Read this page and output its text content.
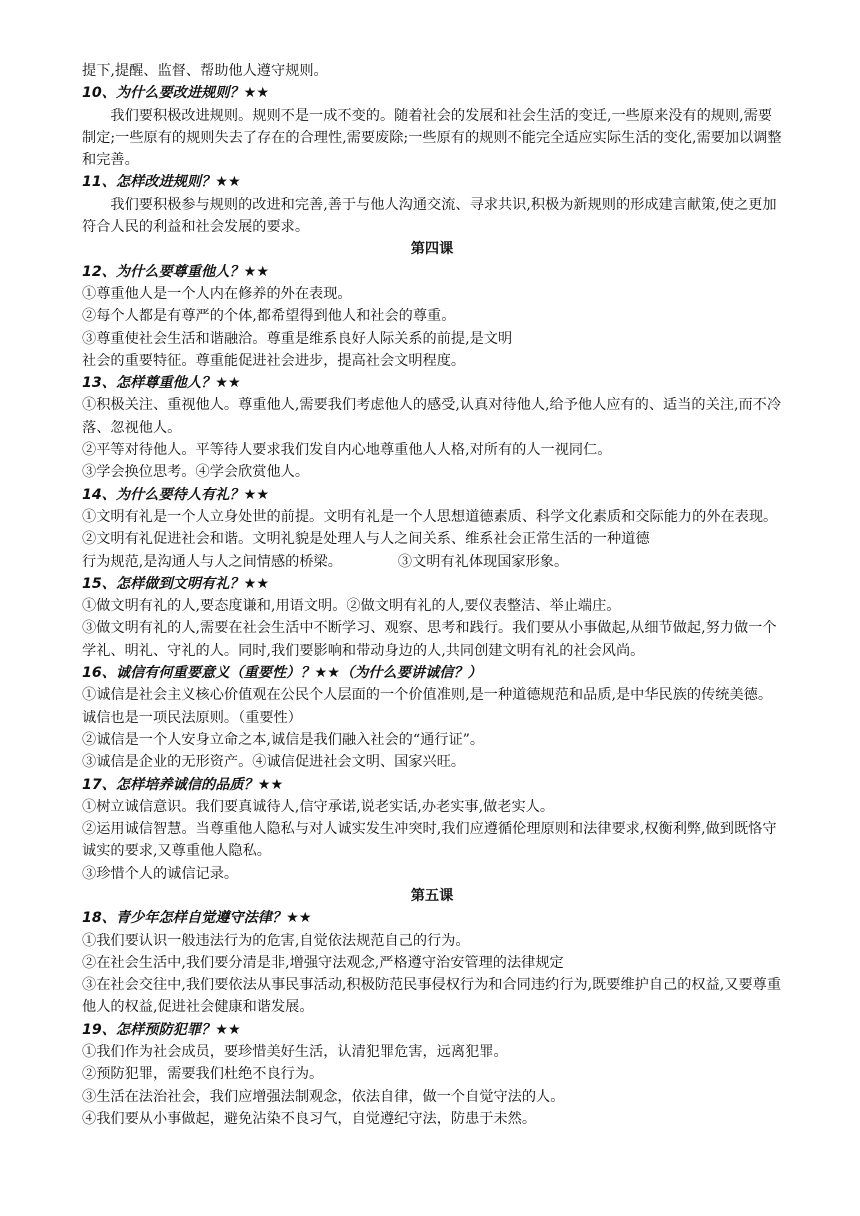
提下,提醒、监督、帮助他人遵守规则。
10、为什么要改进规则？★★
我们要积极改进规则。规则不是一成不变的。随着社会的发展和社会生活的变迁,一些原来没有的规则,需要制定;一些原有的规则失去了存在的合理性,需要废除;一些原有的规则不能完全适应实际生活的变化,需要加以调整和完善。
11、怎样改进规则？★★
我们要积极参与规则的改进和完善,善于与他人沟通交流、寻求共识,积极为新规则的形成建言献策,使之更加符合人民的利益和社会发展的要求。
第四课
12、为什么要尊重他人？★★
①尊重他人是一个人内在修养的外在表现。
②每个人都是有尊严的个体,都希望得到他人和社会的尊重。
③尊重使社会生活和谐融洽。尊重是维系良好人际关系的前提,是文明
社会的重要特征。尊重能促进社会进步，提高社会文明程度。
13、怎样尊重他人？★★
①积极关注、重视他人。尊重他人,需要我们考虑他人的感受,认真对待他人,给予他人应有的、适当的关注,而不冷落、忽视他人。
②平等对待他人。平等待人要求我们发自内心地尊重他人人格,对所有的人一视同仁。
③学会换位思考。④学会欣赏他人。
14、为什么要待人有礼？★★
①文明有礼是一个人立身处世的前提。文明有礼是一个人思想道德素质、科学文化素质和交际能力的外在表现。
②文明有礼促进社会和谐。文明礼貌是处理人与人之间关系、维系社会正常生活的一种道德
行为规范,是沟通人与人之间情感的桥梁。	③文明有礼体现国家形象。
15、怎样做到文明有礼？★★
①做文明有礼的人,要态度谦和,用语文明。②做文明有礼的人,要仪表整洁、举止端庄。
③做文明有礼的人,需要在社会生活中不断学习、观察、思考和践行。我们要从小事做起,从细节做起,努力做一个学礼、明礼、守礼的人。同时,我们要影响和带动身边的人,共同创建文明有礼的社会风尚。
16、诚信有何重要意义（重要性）？★★（为什么要讲诚信？）
①诚信是社会主义核心价值观在公民个人层面的一个价值准则,是一种道德规范和品质,是中华民族的传统美德。诚信也是一项民法原则。（重要性）
②诚信是一个人安身立命之本,诚信是我们融入社会的“通行证”。
③诚信是企业的无形资产。④诚信促进社会文明、国家兴旺。
17、怎样培养诚信的品质？★★
①树立诚信意识。我们要真诚待人,信守承诺,说老实话,办老实事,做老实人。
②运用诚信智慧。当尊重他人隐私与对人诚实发生冲突时,我们应遵循伦理原则和法律要求,权衡利弊,做到既恪守诚实的要求,又尊重他人隐私。
③珍惜个人的诚信记录。
第五课
18、青少年怎样自觉遵守法律？★★
①我们要认识一般违法行为的危害,自觉依法规范自己的行为。
②在社会生活中,我们要分清是非,增强守法观念,严格遵守治安管理的法律规定
③在社会交往中,我们要依法从事民事活动,积极防范民事侵权行为和合同违约行为,既要维护自己的权益,又要尊重他人的权益,促进社会健康和谐发展。
19、怎样预防犯罪？★★
①我们作为社会成员，要珍惜美好生活，认清犯罪危害，远离犯罪。
②预防犯罪，需要我们杜绝不良行为。
③生活在法治社会，我们应增强法制观念，依法自律，做一个自觉守法的人。
④我们要从小事做起，避免沾染不良习气，自觉遵纪守法，防患于未然。
